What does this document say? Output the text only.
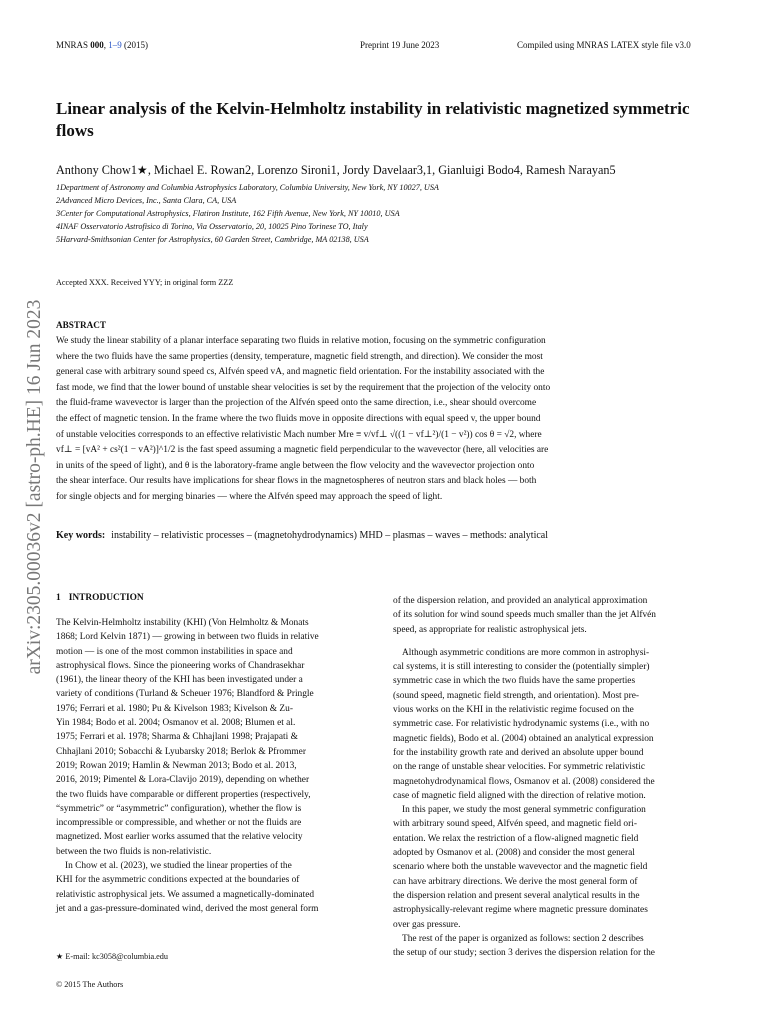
MNRAS 000, 1–9 (2015)	Preprint 19 June 2023	Compiled using MNRAS LATEX style file v3.0
Linear analysis of the Kelvin-Helmholtz instability in relativistic magnetized symmetric flows
Anthony Chow1★, Michael E. Rowan2, Lorenzo Sironi1, Jordy Davelaar3,1, Gianluigi Bodo4, Ramesh Narayan5
1Department of Astronomy and Columbia Astrophysics Laboratory, Columbia University, New York, NY 10027, USA
2Advanced Micro Devices, Inc., Santa Clara, CA, USA
3Center for Computational Astrophysics, Flatiron Institute, 162 Fifth Avenue, New York, NY 10010, USA
4INAF Osservatorio Astrofisico di Torino, Via Osservatorio, 20, 10025 Pino Torinese TO, Italy
5Harvard-Smithsonian Center for Astrophysics, 60 Garden Street, Cambridge, MA 02138, USA
Accepted XXX. Received YYY; in original form ZZZ
ABSTRACT
We study the linear stability of a planar interface separating two fluids in relative motion, focusing on the symmetric configuration
where the two fluids have the same properties (density, temperature, magnetic field strength, and direction). We consider the most
general case with arbitrary sound speed cs, Alfvén speed vA, and magnetic field orientation. For the instability associated with the
fast mode, we find that the lower bound of unstable shear velocities is set by the requirement that the projection of the velocity onto
the fluid-frame wavevector is larger than the projection of the Alfvén speed onto the same direction, i.e., shear should overcome
the effect of magnetic tension. In the frame where the two fluids move in opposite directions with equal speed v, the upper bound
of unstable velocities corresponds to an effective relativistic Mach number Mre ≡ v/vf⊥ √((1 − vf⊥²)/(1 − v²)) cos θ = √2, where
vf⊥ = [vA² + cs²(1 − vA²)]^1/2 is the fast speed assuming a magnetic field perpendicular to the wavevector (here, all velocities are
in units of the speed of light), and θ is the laboratory-frame angle between the flow velocity and the wavevector projection onto
the shear interface. Our results have implications for shear flows in the magnetospheres of neutron stars and black holes — both
for single objects and for merging binaries — where the Alfvén speed may approach the speed of light.
Key words: instability – relativistic processes – (magnetohydrodynamics) MHD – plasmas – waves – methods: analytical
1 INTRODUCTION
The Kelvin-Helmholtz instability (KHI) (Von Helmholtz & Monats
1868; Lord Kelvin 1871) — growing in between two fluids in relative
motion — is one of the most common instabilities in space and
astrophysical flows. Since the pioneering works of Chandrasekhar
(1961), the linear theory of the KHI has been investigated under a
variety of conditions (Turland & Scheuer 1976; Blandford & Pringle
1976; Ferrari et al. 1980; Pu & Kivelson 1983; Kivelson & Zu-
Yin 1984; Bodo et al. 2004; Osmanov et al. 2008; Blumen et al.
1975; Ferrari et al. 1978; Sharma & Chhajlani 1998; Prajapati &
Chhajlani 2010; Sobacchi & Lyubarsky 2018; Berlok & Pfrommer
2019; Rowan 2019; Hamlin & Newman 2013; Bodo et al. 2013,
2016, 2019; Pimentel & Lora-Clavijo 2019), depending on whether
the two fluids have comparable or different properties (respectively,
“symmetric” or “asymmetric” configuration), whether the flow is
incompressible or compressible, and whether or not the fluids are
magnetized. Most earlier works assumed that the relative velocity
between the two fluids is non-relativistic.
In Chow et al. (2023), we studied the linear properties of the
KHI for the asymmetric conditions expected at the boundaries of
relativistic astrophysical jets. We assumed a magnetically-dominated
jet and a gas-pressure-dominated wind, derived the most general form
of the dispersion relation, and provided an analytical approximation
of its solution for wind sound speeds much smaller than the jet Alfvén
speed, as appropriate for realistic astrophysical jets.
Although asymmetric conditions are more common in astrophysi-
cal systems, it is still interesting to consider the (potentially simpler)
symmetric case in which the two fluids have the same properties
(sound speed, magnetic field strength, and orientation). Most pre-
vious works on the KHI in the relativistic regime focused on the
symmetric case. For relativistic hydrodynamic systems (i.e., with no
magnetic fields), Bodo et al. (2004) obtained an analytical expression
for the instability growth rate and derived an absolute upper bound
on the range of unstable shear velocities. For symmetric relativistic
magnetohydrodynamical flows, Osmanov et al. (2008) considered the
case of magnetic field aligned with the direction of relative motion.
In this paper, we study the most general symmetric configuration
with arbitrary sound speed, Alfvén speed, and magnetic field ori-
entation. We relax the restriction of a flow-aligned magnetic field
adopted by Osmanov et al. (2008) and consider the most general
scenario where both the unstable wavevector and the magnetic field
can have arbitrary directions. We derive the most general form of
the dispersion relation and present several analytical results in the
astrophysically-relevant regime where magnetic pressure dominates
over gas pressure.
The rest of the paper is organized as follows: section 2 describes
the setup of our study; section 3 derives the dispersion relation for the
★ E-mail: kc3058@columbia.edu
© 2015 The Authors
arXiv:2305.00036v2 [astro-ph.HE] 16 Jun 2023
